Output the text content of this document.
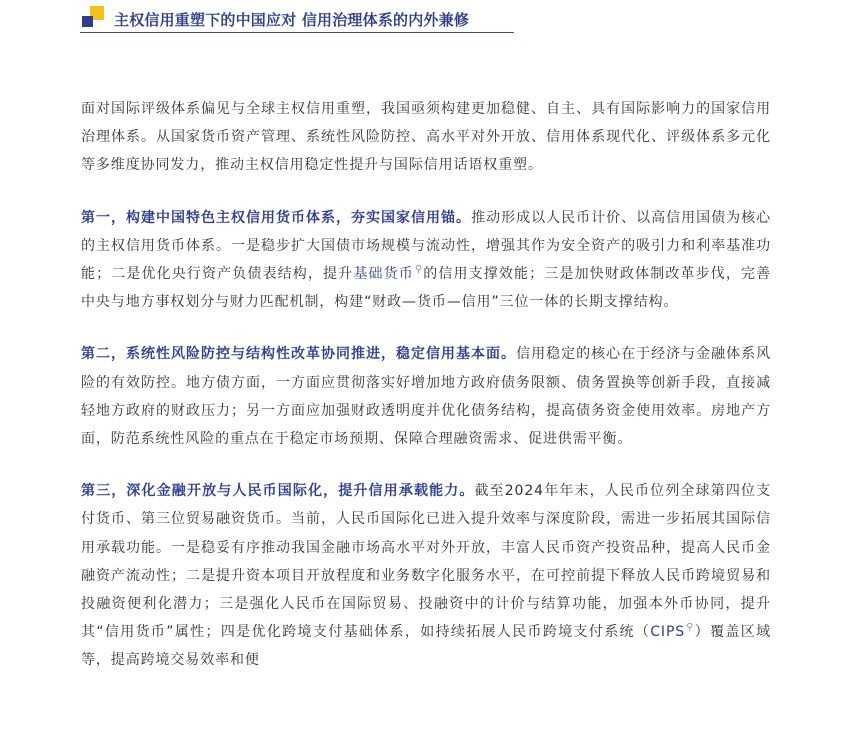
主权信用重塑下的中国应对 信用治理体系的内外兼修

面对国际评级体系偏见与全球主权信用重塑，我国亟须构建更加稳健、自主、具有国际影响力的国家信用治理体系。从国家货币资产管理、系统性风险防控、高水平对外开放、信用体系现代化、评级体系多元化等多维度协同发力，推动主权信用稳定性提升与国际信用话语权重塑。

第一，构建中国特色主权信用货币体系，夯实国家信用锚。推动形成以人民币计价、以高信用国债为核心的主权信用货币体系。一是稳步扩大国债市场规模与流动性，增强其作为安全资产的吸引力和利率基准功能；二是优化央行资产负债表结构，提升基础货币⚲的信用支撑效能；三是加快财政体制改革步伐，完善中央与地方事权划分与财力匹配机制，构建“财政—货币—信用”三位一体的长期支撑结构。

第二，系统性风险防控与结构性改革协同推进，稳定信用基本面。信用稳定的核心在于经济与金融体系风险的有效防控。地方债方面，一方面应贯彻落实好增加地方政府债务限额、债务置换等创新手段，直接减轻地方政府的财政压力；另一方面应加强财政透明度并优化债务结构，提高债务资金使用效率。房地产方面，防范系统性风险的重点在于稳定市场预期、保障合理融资需求、促进供需平衡。

第三，深化金融开放与人民币国际化，提升信用承载能力。截至2024年年末，人民币位列全球第四位支付货币、第三位贸易融资货币。当前，人民币国际化已进入提升效率与深度阶段，需进一步拓展其国际信用承载功能。一是稳妥有序推动我国金融市场高水平对外开放，丰富人民币资产投资品种，提高人民币金融资产流动性；二是提升资本项目开放程度和业务数字化服务水平，在可控前提下释放人民币跨境贸易和投融资便利化潜力；三是强化人民币在国际贸易、投融资中的计价与结算功能，加强本外币协同，提升其“信用货币”属性；四是优化跨境支付基础体系，如持续拓展人民币跨境支付系统（CIPS⚲）覆盖区域等，提高跨境交易效率和便
